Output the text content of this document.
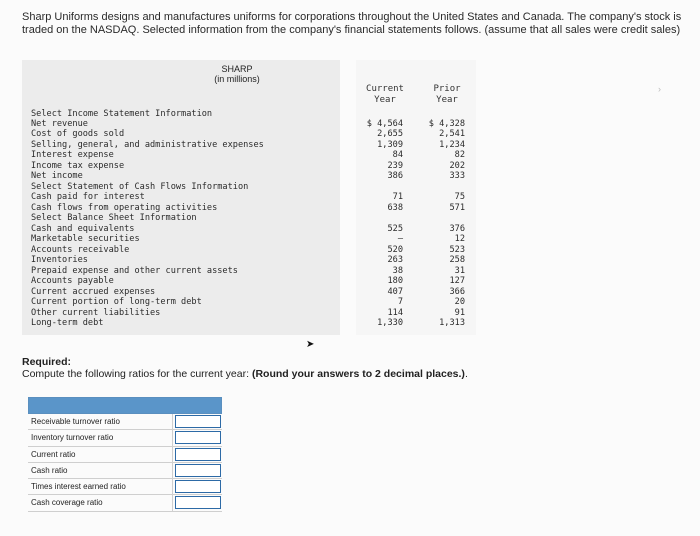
Sharp Uniforms designs and manufactures uniforms for corporations throughout the United States and Canada. The company's stock is traded on the NASDAQ. Selected information from the company's financial statements follows. (assume that all sales were credit sales)
SHARP
(in millions)
Current
Year
Prior
Year
Select Income Statement Information
Net revenue	$ 4,564	$ 4,328
Cost of goods sold	2,655	2,541
Selling, general, and administrative expenses	1,309	1,234
Interest expense	84	82
Income tax expense	239	202
Net income	386	333
Select Statement of Cash Flows Information
Cash paid for interest	71	75
Cash flows from operating activities	638	571
Select Balance Sheet Information
Cash and equivalents	525	376
Marketable securities	–	12
Accounts receivable	520	523
Inventories	263	258
Prepaid expense and other current assets	38	31
Accounts payable	180	127
Current accrued expenses	407	366
Current portion of long-term debt	7	20
Other current liabilities	114	91
Long-term debt	1,330	1,313
➤
›
Required:
Compute the following ratios for the current year: (Round your answers to 2 decimal places.).
Receivable turnover ratio
Inventory turnover ratio
Current ratio
Cash ratio
Times interest earned ratio
Cash coverage ratio
